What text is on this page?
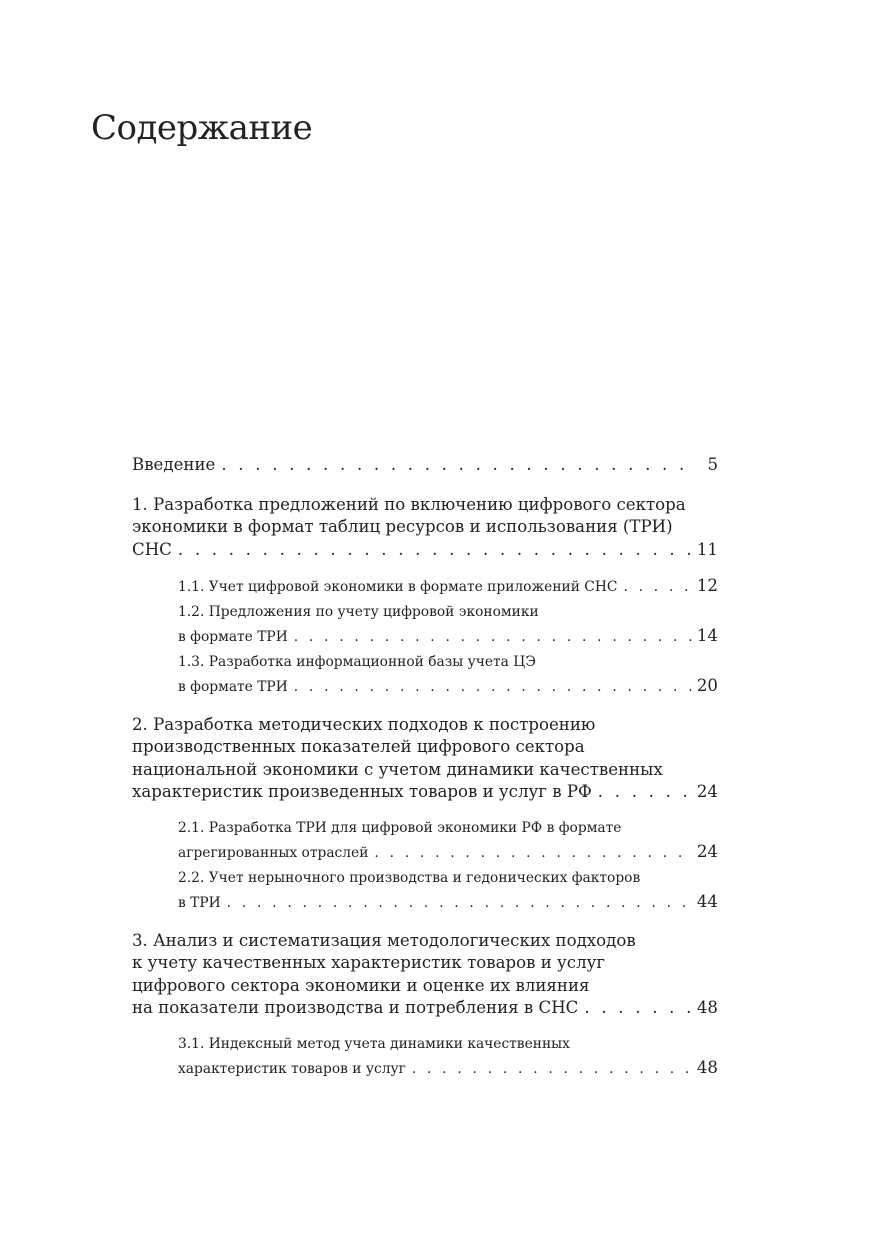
Содержание
Введение . . .	5
1. Разработка предложений по включению цифрового сектора
экономики в формат таблиц ресурсов и использования (ТРИ)
СНС . . .	11
1.1. Учет цифровой экономики в формате приложений СНС . . .	12
1.2. Предложения по учету цифровой экономики
в формате ТРИ . . .	14
1.3. Разработка информационной базы учета ЦЭ
в формате ТРИ . . .	20
2. Разработка методических подходов к построению
производственных показателей цифрового сектора
национальной экономики с учетом динамики качественных
характеристик произведенных товаров и услуг в РФ . . .	24
2.1. Разработка ТРИ для цифровой экономики РФ в формате
агрегированных отраслей . . .	24
2.2. Учет нерыночного производства и гедонических факторов
в ТРИ . . .	44
3. Анализ и систематизация методологических подходов
к учету качественных характеристик товаров и услуг
цифрового сектора экономики и оценке их влияния
на показатели производства и потребления в СНС . . .	48
3.1. Индексный метод учета динамики качественных
характеристик товаров и услуг . . .	48
